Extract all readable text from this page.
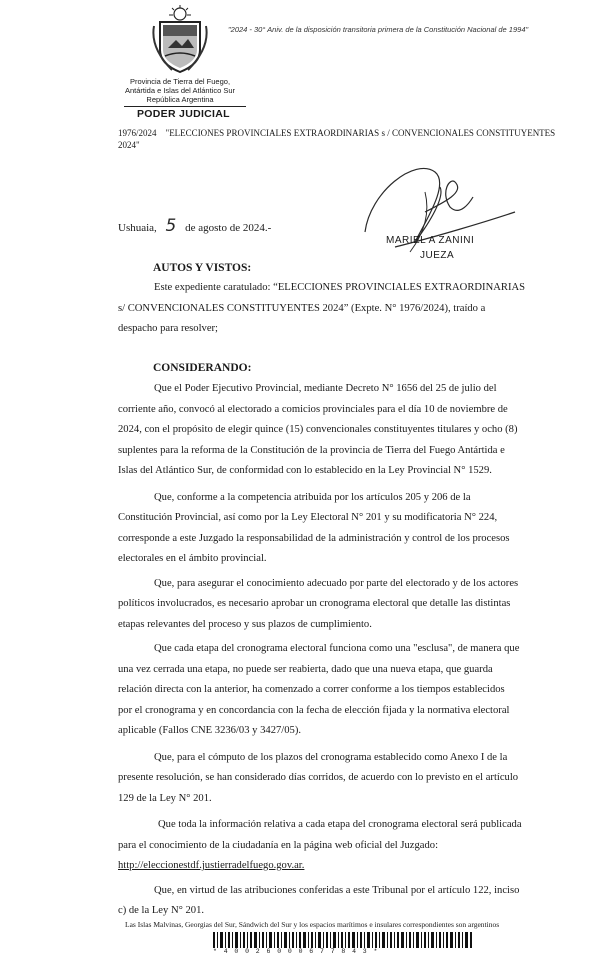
"2024 - 30° Aniv. de la disposición transitoria primera de la Constitución Nacional de 1994"
Provincia de Tierra del Fuego,
Antártida e Islas del Atlántico Sur
República Argentina
PODER JUDICIAL
1976/2024 "ELECCIONES PROVINCIALES EXTRAORDINARIAS s / CONVENCIONALES CONSTITUYENTES
2024"
MARIEL A ZANINI
JUEZA
Ushuaia, 5 de agosto de 2024.-
AUTOS Y VISTOS:
Este expediente caratulado: “ELECCIONES PROVINCIALES EXTRAORDINARIAS
s/ CONVENCIONALES CONSTITUYENTES 2024” (Expte. N° 1976/2024), traído a
despacho para resolver;
CONSIDERANDO:
Que el Poder Ejecutivo Provincial, mediante Decreto N° 1656 del 25 de julio del
corriente año, convocó al electorado a comicios provinciales para el día 10 de noviembre de
2024, con el propósito de elegir quince (15) convencionales constituyentes titulares y ocho (8)
suplentes para la reforma de la Constitución de la provincia de Tierra del Fuego Antártida e
Islas del Atlántico Sur, de conformidad con lo establecido en la Ley Provincial N° 1529.
Que, conforme a la competencia atribuida por los artículos 205 y 206 de la
Constitución Provincial, así como por la Ley Electoral N° 201 y su modificatoria N° 224,
corresponde a este Juzgado la responsabilidad de la administración y control de los procesos
electorales en el ámbito provincial.
Que, para asegurar el conocimiento adecuado por parte del electorado y de los actores
políticos involucrados, es necesario aprobar un cronograma electoral que detalle las distintas
etapas relevantes del proceso y sus plazos de cumplimiento.
Que cada etapa del cronograma electoral funciona como una "esclusa", de manera que
una vez cerrada una etapa, no puede ser reabierta, dado que una nueva etapa, que guarda
relación directa con la anterior, ha comenzado a correr conforme a los tiempos establecidos
por el cronograma y en concordancia con la fecha de elección fijada y la normativa electoral
aplicable (Fallos CNE 3236/03 y 3427/05).
Que, para el cómputo de los plazos del cronograma establecido como Anexo I de la
presente resolución, se han considerado días corridos, de acuerdo con lo previsto en el artículo
129 de la Ley N° 201.
Que toda la información relativa a cada etapa del cronograma electoral será publicada
para el conocimiento de la ciudadanía en la página web oficial del Juzgado:
http://eleccionestdf.justierradelfuego.gov.ar.
Que, en virtud de las atribuciones conferidas a este Tribunal por el artículo 122, inciso
c) de la Ley N° 201.
Las Islas Malvinas, Georgias del Sur, Sándwich del Sur y los espacios marítimos e insulares correspondientes son argentinos
*40026000677843*
